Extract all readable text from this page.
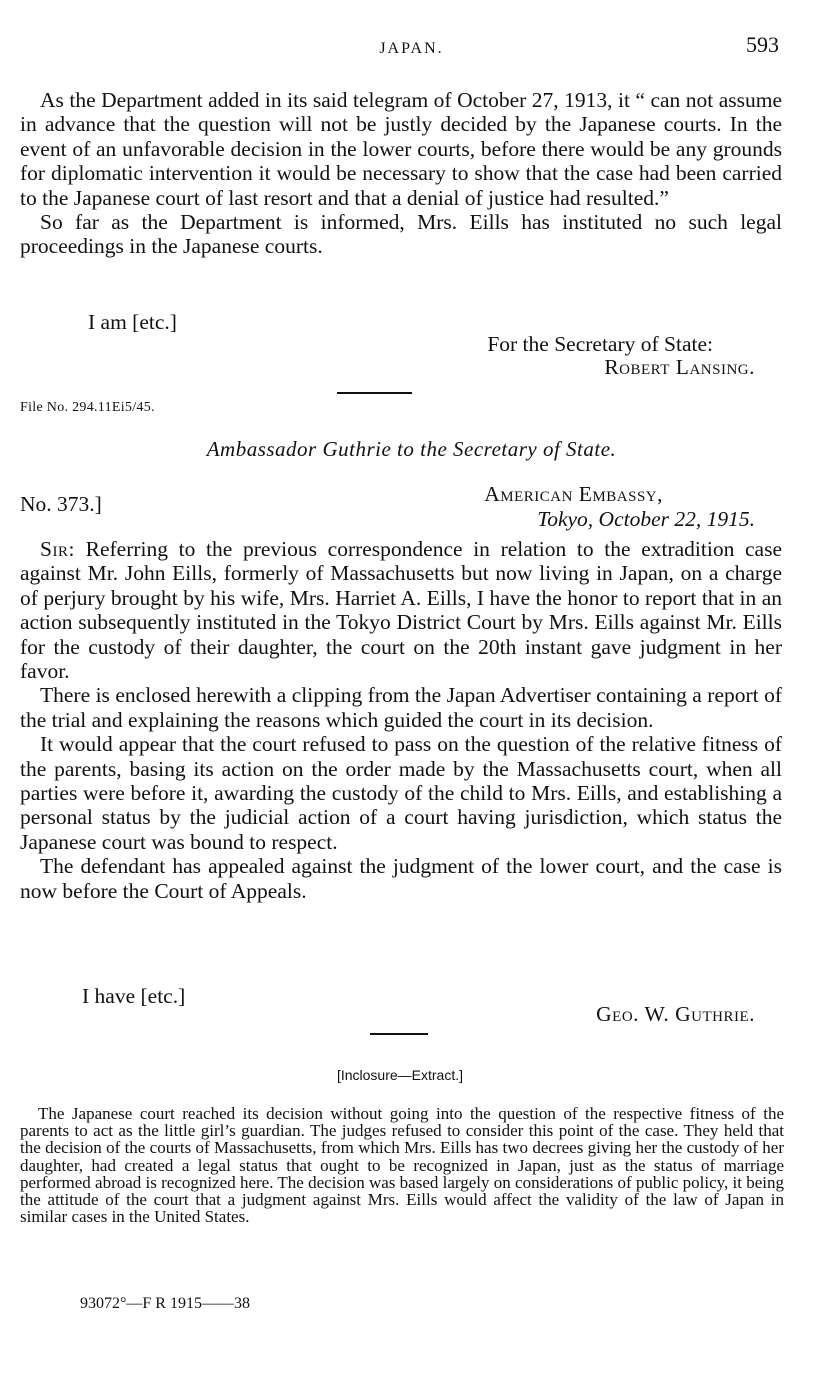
JAPAN.	593

As the Department added in its said telegram of October 27, 1913, it “ can not assume in advance that the question will not be justly decided by the Japanese courts. In the event of an unfavorable decision in the lower courts, before there would be any grounds for diplomatic intervention it would be necessary to show that the case had been carried to the Japanese court of last resort and that a denial of justice had resulted.”

So far as the Department is informed, Mrs. Eills has instituted no such legal proceedings in the Japanese courts.

I am [etc.]
For the Secretary of State:
Robert Lansing.
File No. 294.11Ei5/45.
Ambassador Guthrie to the Secretary of State.
No. 373.]	American Embassy,
Tokyo, October 22, 1915.

Sir: Referring to the previous correspondence in relation to the extradition case against Mr. John Eills, formerly of Massachusetts but now living in Japan, on a charge of perjury brought by his wife, Mrs. Harriet A. Eills, I have the honor to report that in an action subsequently instituted in the Tokyo District Court by Mrs. Eills against Mr. Eills for the custody of their daughter, the court on the 20th instant gave judgment in her favor.

There is enclosed herewith a clipping from the Japan Advertiser containing a report of the trial and explaining the reasons which guided the court in its decision.

It would appear that the court refused to pass on the question of the relative fitness of the parents, basing its action on the order made by the Massachusetts court, when all parties were before it, awarding the custody of the child to Mrs. Eills, and establishing a personal status by the judicial action of a court having jurisdiction, which status the Japanese court was bound to respect.

The defendant has appealed against the judgment of the lower court, and the case is now before the Court of Appeals.

I have [etc.]
Geo. W. Guthrie.
[Inclosure—Extract.]

The Japanese court reached its decision without going into the question of the respective fitness of the parents to act as the little girl’s guardian. The judges refused to consider this point of the case. They held that the decision of the courts of Massachusetts, from which Mrs. Eills has two decrees giving her the custody of her daughter, had created a legal status that ought to be recognized in Japan, just as the status of marriage performed abroad is recognized here. The decision was based largely on considerations of public policy, it being the attitude of the court that a judgment against Mrs. Eills would affect the validity of the law of Japan in similar cases in the United States.

93072°—F R 1915——38
